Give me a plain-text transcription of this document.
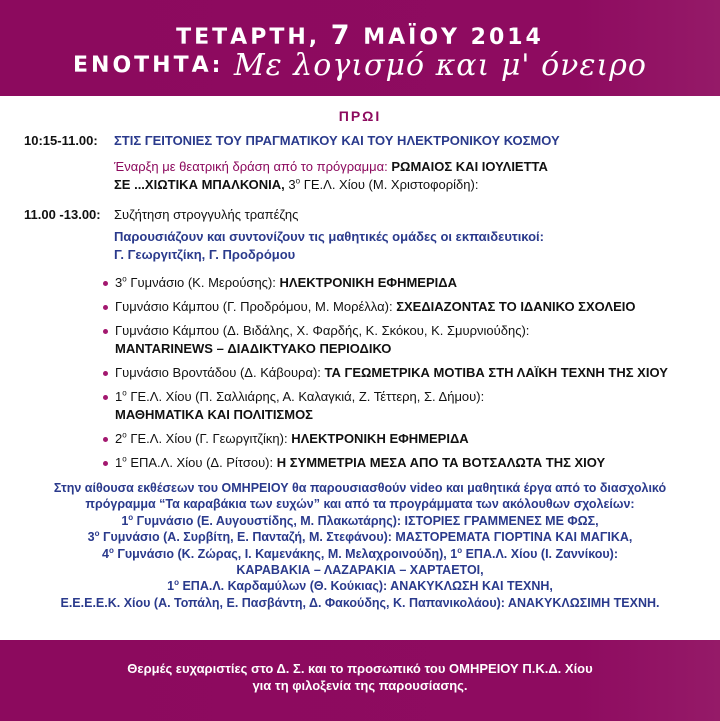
ΤΕΤΑΡΤΗ, 7 ΜΑΪΟΥ 2014
ΕΝΟΤΗΤΑ: Με λογισμό και μ' όνειρο
ΠΡΩΙ
10:15-11.00: ΣΤΙΣ ΓΕΙΤΟΝΙΕΣ ΤΟΥ ΠΡΑΓΜΑΤΙΚΟΥ ΚΑΙ ΤΟΥ ΗΛΕΚΤΡΟΝΙΚΟΥ ΚΟΣΜΟΥ
Έναρξη με θεατρική δράση από το πρόγραμμα: ΡΩΜΑΙΟΣ ΚΑΙ ΙΟΥΛΙΕΤΤΑ
ΣΕ ...ΧΙΩΤΙΚΑ ΜΠΑΛΚΟΝΙΑ, $3^o$ ΓΕ.Λ. Χίου (Μ. Χριστοφορίδη):
11.00 -13.00: Συζήτηση στρογγυλής τραπέζης
Παρουσιάζουν και συντονίζουν τις μαθητικές ομάδες οι εκπαιδευτικοί:
Γ. Γεωργιτζίκη, Γ. Προδρόμου
$3^o$ Γυμνάσιο (Κ. Μερούσης): ΗΛΕΚΤΡΟΝΙΚΗ ΕΦΗΜΕΡΙΔΑ
Γυμνάσιο Κάμπου (Γ. Προδρόμου, Μ. Μορέλλα): ΣΧΕΔΙΑΖΟΝΤΑΣ ΤΟ ΙΔΑΝΙΚΟ ΣΧΟΛΕΙΟ
Γυμνάσιο Κάμπου (Δ. Βιδάλης, Χ. Φαρδής, Κ. Σκόκου, Κ. Σμυρνιούδης):
MANTARINEWS – ΔΙΑΔΙΚΤΥΑΚΟ ΠΕΡΙΟΔΙΚΟ
Γυμνάσιο Βροντάδου (Δ. Κάβουρα): ΤΑ ΓΕΩΜΕΤΡΙΚΑ ΜΟΤΙΒΑ ΣΤΗ ΛΑΪΚΗ ΤΕΧΝΗ ΤΗΣ ΧΙΟΥ
$1^o$ ΓΕ.Λ. Χίου (Π. Σαλλιάρης, Α. Καλαγκιά, Ζ. Τέττερη, Σ. Δήμου):
ΜΑΘΗΜΑΤΙΚΑ ΚΑΙ ΠΟΛΙΤΙΣΜΟΣ
$2^o$ ΓΕ.Λ. Χίου (Γ. Γεωργιτζίκη): ΗΛΕΚΤΡΟΝΙΚΗ ΕΦΗΜΕΡΙΔΑ
$1^o$ ΕΠΑ.Λ. Χίου (Δ. Ρίτσου): Η ΣΥΜΜΕΤΡΙΑ ΜΕΣΑ ΑΠΟ ΤΑ ΒΟΤΣΑΛΩΤΑ ΤΗΣ ΧΙΟΥ
Στην αίθουσα εκθέσεων του ΟΜΗΡΕΙΟΥ θα παρουσιασθούν video και μαθητικά έργα από το διασχολικό
πρόγραμμα “Τα καραβάκια των ευχών” και από τα προγράμματα των ακόλουθων σχολείων:
$1^o$ Γυμνάσιο (Ε. Αυγουστίδης, Μ. Πλακωτάρης): ΙΣΤΟΡΙΕΣ ΓΡΑΜΜΕΝΕΣ ΜΕ ΦΩΣ,
$3^o$ Γυμνάσιο (Α. Συρβίτη, Ε. Πανταζή, Μ. Στεφάνου): ΜΑΣΤΟΡΕΜΑΤΑ ΓΙΟΡΤΙΝΑ ΚΑΙ ΜΑΓΙΚΑ,
$4^o$ Γυμνάσιο (Κ. Ζώρας, Ι. Καμενάκης, Μ. Μελαχροινούδη), $1^o$ ΕΠΑ.Λ. Χίου (Ι. Ζαννίκου):
ΚΑΡΑΒΑΚΙΑ – ΛΑΖΑΡΑΚΙΑ – ΧΑΡΤΑΕΤΟΙ,
$1^o$ ΕΠΑ.Λ. Καρδαμύλων (Θ. Κούκιας): ΑΝΑΚΥΚΛΩΣΗ ΚΑΙ ΤΕΧΝΗ,
Ε.Ε.Ε.Ε.Κ. Χίου (Α. Τοπάλη, Ε. Πασβάντη, Δ. Φακούδης, Κ. Παπανικολάου): ΑΝΑΚΥΚΛΩΣΙΜΗ ΤΕΧΝΗ.
Θερμές ευχαριστίες στο Δ. Σ. και το προσωπικό του ΟΜΗΡΕΙΟΥ Π.Κ.Δ. Χίου
για τη φιλοξενία της παρουσίασης.
